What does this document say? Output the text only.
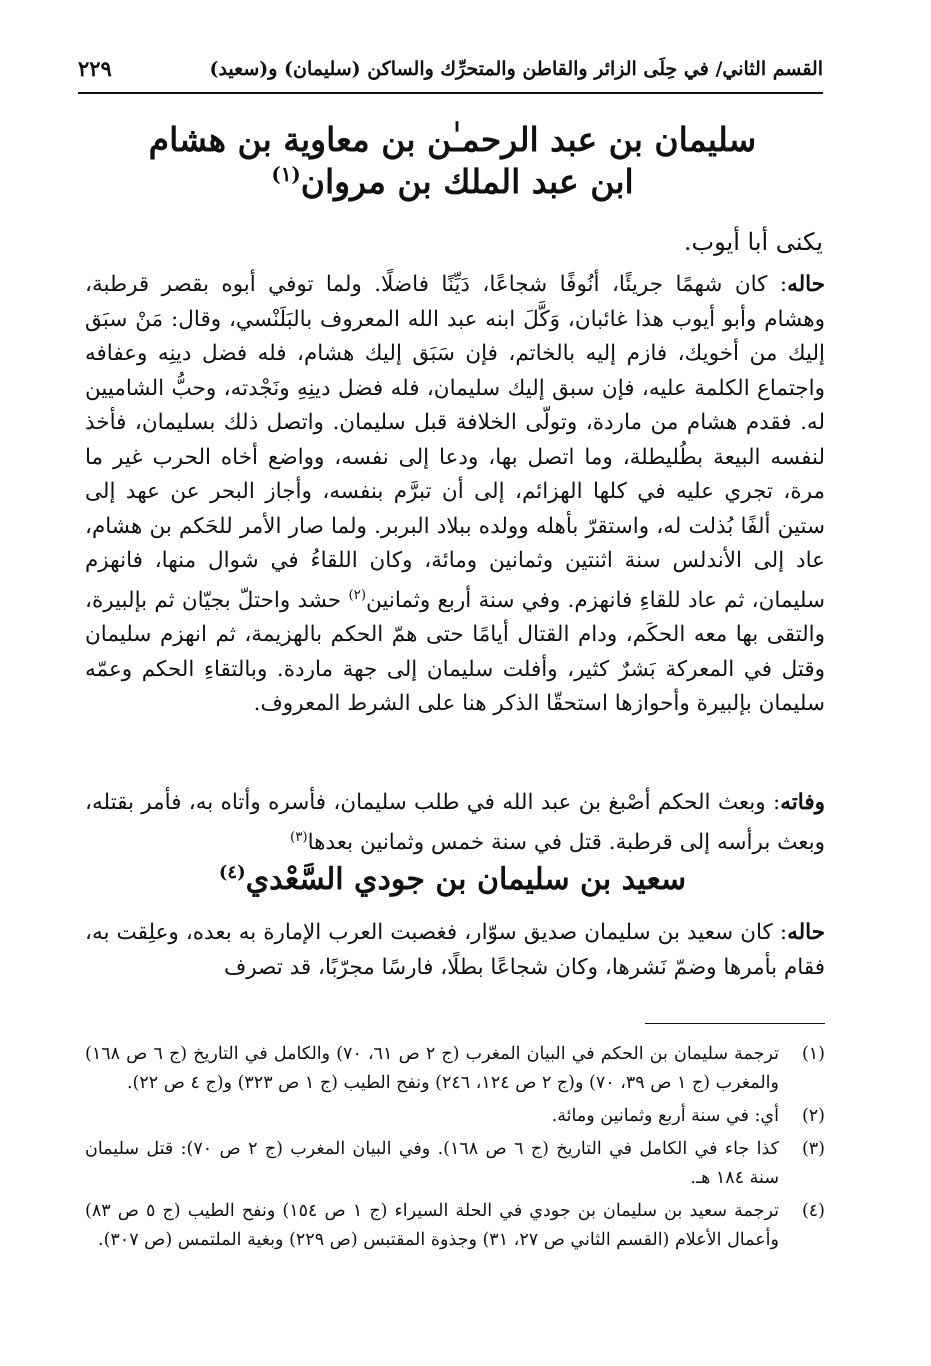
القسم الثاني/ في حِلَى الزائر والقاطن والمتحرِّك والساكن (سليمان) و(سعيد)
٢٢٩
سليمان بن عبد الرحمـٰن بن معاوية بن هشام
ابن عبد الملك بن مروان$^{(١)}$
يكنى أبا أيوب.
حاله: كان شهمًا جريئًا، أنُوفًا شجاعًا، دَيِّنًا فاضلًا. ولما توفي أبوه بقصر قرطبة، وهشام وأبو أيوب هذا غائبان، وَكَّلَ ابنه عبد الله المعروف بالبَلَنْسي، وقال: مَنْ سبَق إليك من أخويك، فازم إليه بالخاتم، فإن سَبَق إليك هشام، فله فضل دينِه وعفافه واجتماع الكلمة عليه، فإن سبق إليك سليمان، فله فضل دينِهِ ونَجْدته، وحبُّ الشاميين له. فقدم هشام من ماردة، وتولّى الخلافة قبل سليمان. واتصل ذلك بسليمان، فأخذ لنفسه البيعة بطُليطلة، وما اتصل بها، ودعا إلى نفسه، وواضع أخاه الحرب غير ما مرة، تجري عليه في كلها الهزائم، إلى أن تبرَّم بنفسه، وأجاز البحر عن عهد إلى ستين ألفًا بُذلت له، واستقرّ بأهله وولده ببلاد البربر. ولما صار الأمر للحَكم بن هشام، عاد إلى الأندلس سنة اثنتين وثمانين ومائة، وكان اللقاءُ في شوال منها، فانهزم سليمان، ثم عاد للقاءِ فانهزم. وفي سنة أربع وثمانين$^{(٢)}$ حشد واحتلّ بجيّان ثم بإلبيرة، والتقى بها معه الحكَم، ودام القتال أيامًا حتى همّ الحكم بالهزيمة، ثم انهزم سليمان وقتل في المعركة بَشرٌ كثير، وأفلت سليمان إلى جهة ماردة. وبالتقاءِ الحكم وعمّه سليمان بإلبيرة وأحوازها استحقّا الذكر هنا على الشرط المعروف.
وفاته: وبعث الحكم أصْبغ بن عبد الله في طلب سليمان، فأسره وأتاه به، فأمر بقتله، وبعث برأسه إلى قرطبة. قتل في سنة خمس وثمانين بعدها$^{(٣)}$
سعيد بن سليمان بن جودي السَّعْدي$^{(٤)}$
حاله: كان سعيد بن سليمان صديق سوّار، فغصبت العرب الإمارة به بعده، وعلِقت به، فقام بأمرها وضمّ نَشرها، وكان شجاعًا بطلًا، فارسًا مجرّبًا، قد تصرف
(١)
ترجمة سليمان بن الحكم في البيان المغرب (ج ٢ ص ٦١، ٧٠) والكامل في التاريخ (ج ٦ ص ١٦٨) والمغرب (ج ١ ص ٣٩، ٧٠) و(ج ٢ ص ١٢٤، ٢٤٦) ونفح الطيب (ج ١ ص ٣٢٣) و(ج ٤ ص ٢٢).
(٢)
أي: في سنة أربع وثمانين ومائة.
(٣)
كذا جاء في الكامل في التاريخ (ج ٦ ص ١٦٨). وفي البيان المغرب (ج ٢ ص ٧٠): قتل سليمان سنة ١٨٤ هـ.
(٤)
ترجمة سعيد بن سليمان بن جودي في الحلة السيراء (ج ١ ص ١٥٤) ونفح الطيب (ج ٥ ص ٨٣) وأعمال الأعلام (القسم الثاني ص ٢٧، ٣١) وجذوة المقتبس (ص ٢٢٩) وبغية الملتمس (ص ٣٠٧).
